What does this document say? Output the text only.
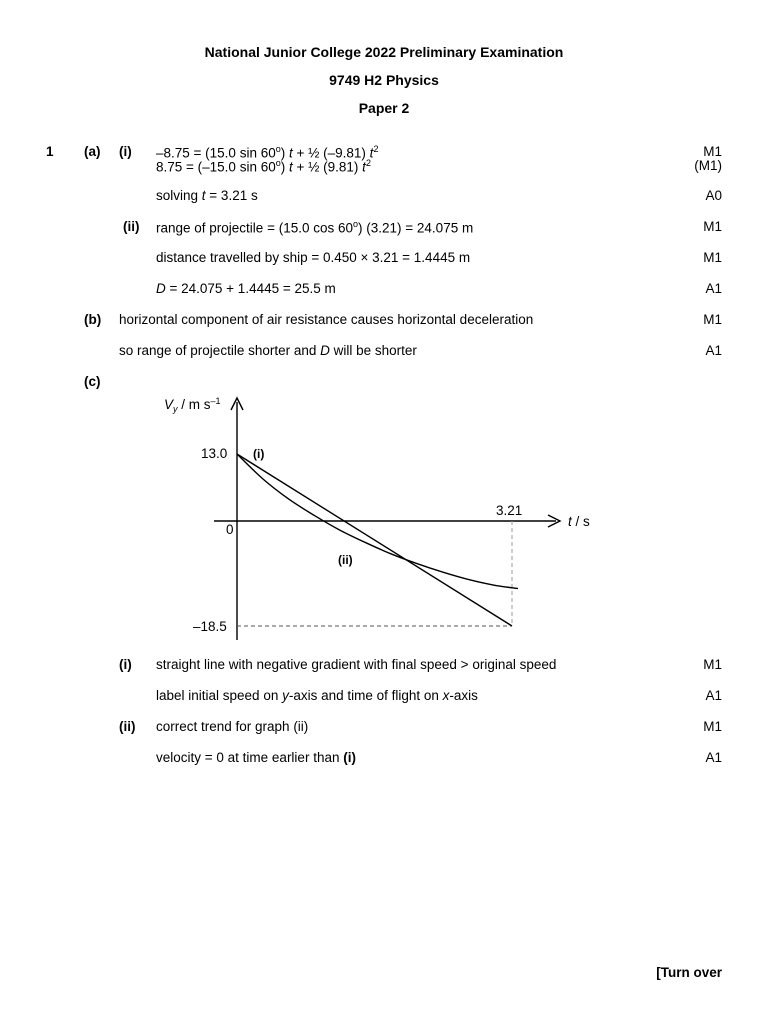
National Junior College 2022 Preliminary Examination
9749 H2 Physics
Paper 2
1 (a) (i) –8.75 = (15.0 sin 60$^o$) t + ½ (–9.81) $t^2$	M1
8.75 = (–15.0 sin 60$^o$) t + ½ (9.81) $t^2$	(M1)
solving t = 3.21 s	A0
(ii) range of projectile = (15.0 cos 60$^o$) (3.21) = 24.075 m	M1
distance travelled by ship = 0.450 × 3.21 = 1.4445 m	M1
D = 24.075 + 1.4445 = 25.5 m	A1
(b) horizontal component of air resistance causes horizontal deceleration	M1
so range of projectile shorter and D will be shorter	A1
(c)
$V_y$ / m $s^{-1}$
t / s
0
13.0
–18.5
3.21
(i)
(ii)
(i) straight line with negative gradient with final speed > original speed	M1
label initial speed on y-axis and time of flight on x-axis	A1
(ii) correct trend for graph (ii)	M1
velocity = 0 at time earlier than (i)	A1
[Turn over
